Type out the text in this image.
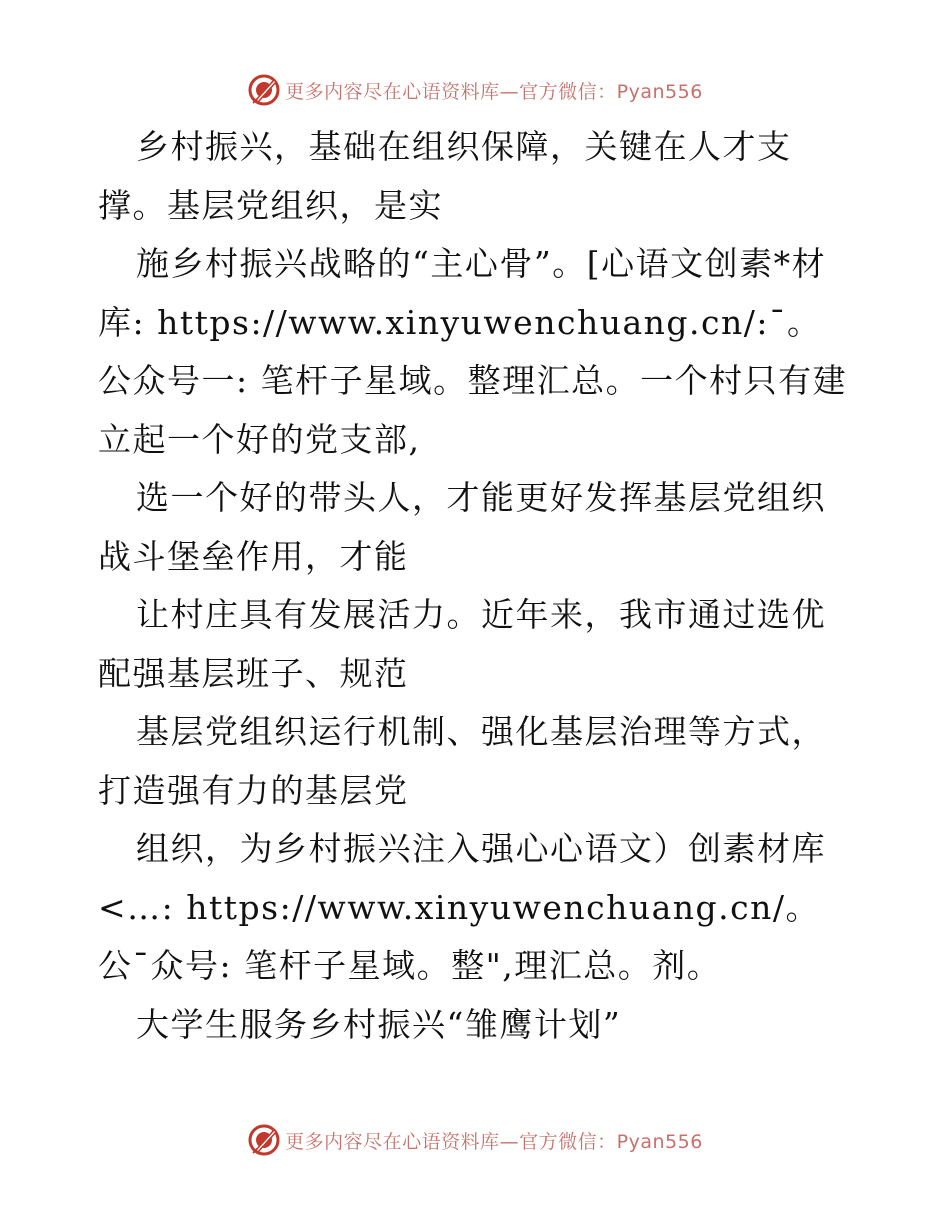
更多内容尽在心语资料库—官方微信：Pyan556

乡村振兴，基础在组织保障，关键在人才支撑。基层党组织，是实

施乡村振兴战略的“主心骨”。[心语文创素*材库: https://www.xinyuwenchuang.cn/:¯。公众号一: 笔杆子星域。整理汇总。一个村只有建立起一个好的党支部,

选一个好的带头人，才能更好发挥基层党组织战斗堡垒作用，才能

让村庄具有发展活力。近年来，我市通过选优配强基层班子、规范

基层党组织运行机制、强化基层治理等方式，打造强有力的基层党

组织，为乡村振兴注入强心心语文）创素材库<…: https://www.xinyuwenchuang.cn/。公¯众号: 笔杆子星域。整",理汇总。剂。

大学生服务乡村振兴“雏鹰计划”

更多内容尽在心语资料库—官方微信：Pyan556
